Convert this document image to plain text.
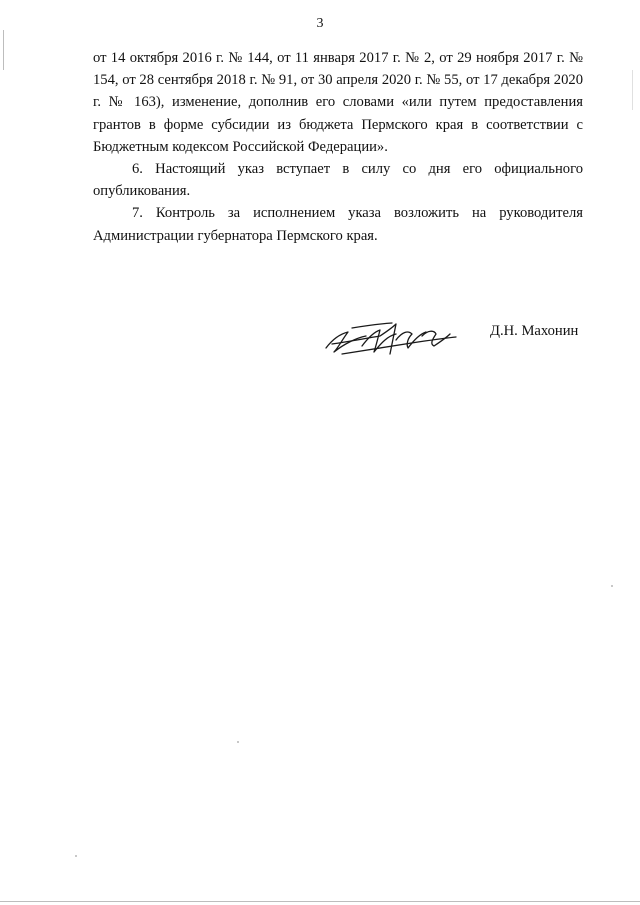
3

от 14 октября 2016 г. № 144, от 11 января 2017 г. № 2, от 29 ноября 2017 г. № 154, от 28 сентября 2018 г. № 91, от 30 апреля 2020 г. № 55, от 17 декабря 2020 г. № 163), изменение, дополнив его словами «или путем предоставления грантов в форме субсидии из бюджета Пермского края в соответствии с Бюджетным кодексом Российской Федерации».

6. Настоящий указ вступает в силу со дня его официального опубликования.

7. Контроль за исполнением указа возложить на руководителя Администрации губернатора Пермского края.

Д.Н. Махонин
